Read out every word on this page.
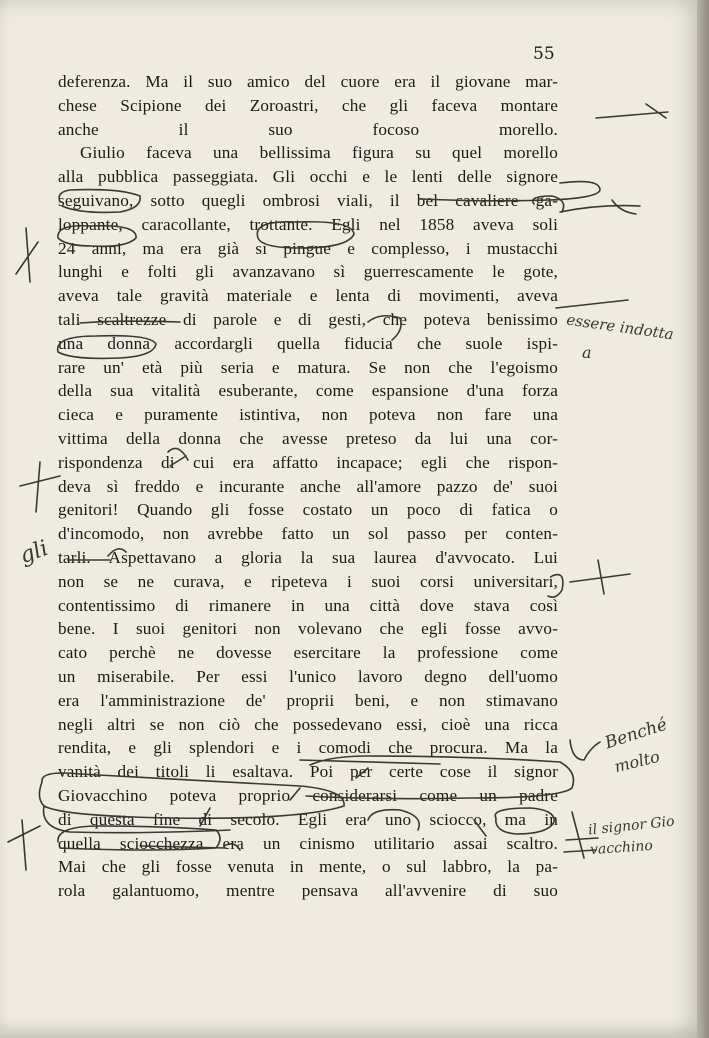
55
deferenza. Ma il suo amico del cuore era il giovane mar-
chese Scipione dei Zoroastri, che gli faceva montare
anche il suo focoso morello.
Giulio faceva una bellissima figura su quel morello
alla pubblica passeggiata. Gli occhi e le lenti delle signore
seguivano, sotto quegli ombrosi viali, il bel cavaliere ga-
loppante, caracollante, trottante. Egli nel 1858 aveva soli
24 anni, ma era già sì pingue e complesso, i mustacchi
lunghi e folti gli avanzavano sì guerrescamente le gote,
aveva tale gravità materiale e lenta di movimenti, aveva
tali scaltrezze di parole e di gesti, che poteva benissimo
una donna accordargli quella fiducia che suole ispi-
rare un' età più seria e matura. Se non che l'egoismo
della sua vitalità esuberante, come espansione d'una forza
cieca e puramente istintiva, non poteva non fare una
vittima della donna che avesse preteso da lui una cor-
rispondenza di cui era affatto incapace; egli che rispon-
deva sì freddo e incurante anche all'amore pazzo de' suoi
genitori! Quando gli fosse costato un poco di fatica o
d'incomodo, non avrebbe fatto un sol passo per conten-
tarli. Aspettavano a gloria la sua laurea d'avvocato. Lui
non se ne curava, e ripeteva i suoi corsi universitari,
contentissimo di rimanere in una città dove stava così
bene. I suoi genitori non volevano che egli fosse avvo-
cato perchè ne dovesse esercitare la professione come
un miserabile. Per essi l'unico lavoro degno dell'uomo
era l'amministrazione de' proprii beni, e non stimavano
negli altri se non ciò che possedevano essi, cioè una ricca
rendita, e gli splendori e i comodi che procura. Ma la
vanità dei titoli li esaltava. Poi per certe cose il signor
Giovacchino poteva proprio considerarsi come un padre
di questa fine di secolo. Egli era uno sciocco, ma in
quella sciocchezza era un cinismo utilitario assai scaltro.
Mai che gli fosse venuta in mente, o sul labbro, la pa-
rola galantuomo, mentre pensava all'avvenire di suo
essere indotta
a
gli
Benché
molto
il signor Gio
vacchino
